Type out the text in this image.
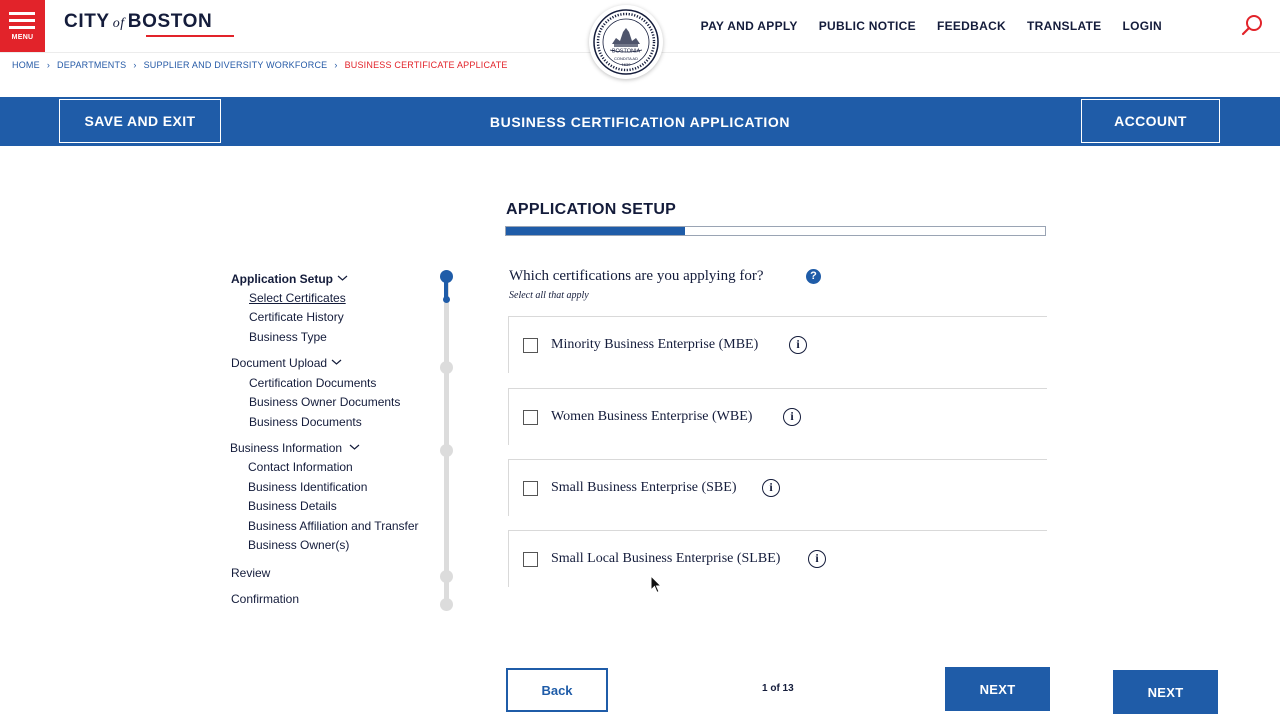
MENU
CITY of BOSTON
BOSTONIA
CONDITA AD
1630
PAY AND APPLY PUBLIC NOTICE FEEDBACK TRANSLATE LOGIN
HOME › DEPARTMENTS › SUPPLIER AND DIVERSITY WORKFORCE › BUSINESS CERTIFICATE APPLICATE
SAVE AND EXIT	BUSINESS CERTIFICATION APPLICATION	ACCOUNT
APPLICATION SETUP
Application Setup
Select Certificates
Certificate History
Business Type
Document Upload
Certification Documents
Business Owner Documents
Business Documents
Business Information
Contact Information
Business Identification
Business Details
Business Affiliation and Transfer
Business Owner(s)
Review
Confirmation
Which certifications are you applying for?	?
Select all that apply
Minority Business Enterprise (MBE)	i
Women Business Enterprise (WBE)	i
Small Business Enterprise (SBE)	i
Small Local Business Enterprise (SLBE)	i
Back	1 of 13	NEXT	NEXT
